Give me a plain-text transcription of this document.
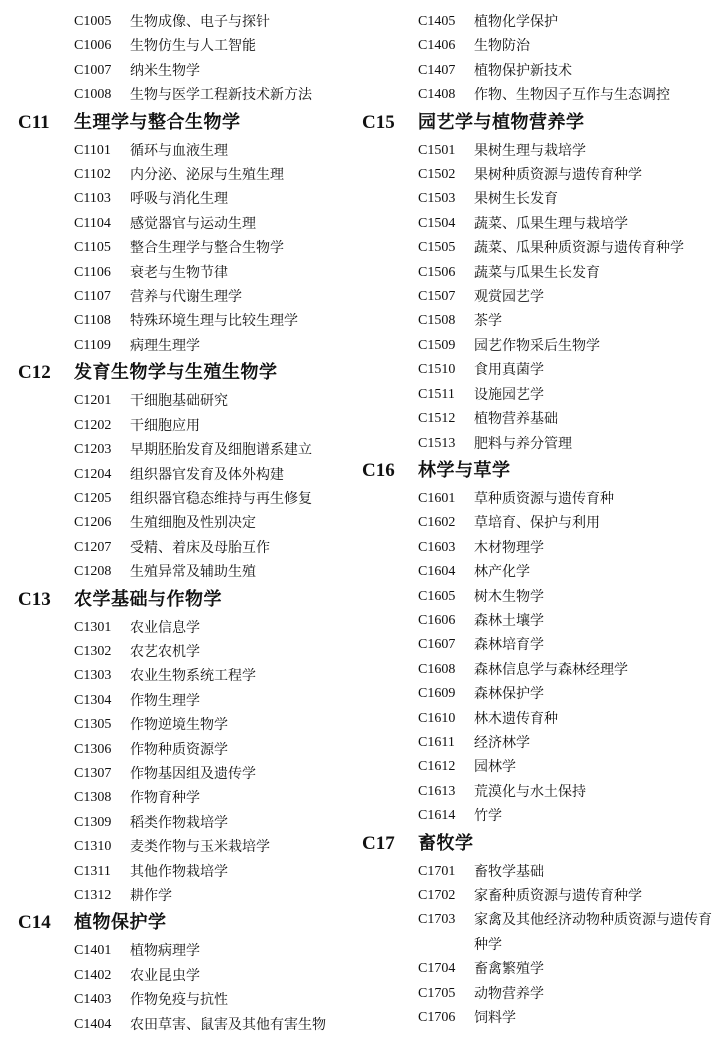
C1005	生物成像、电子与探针
C1006	生物仿生与人工智能
C1007	纳米生物学
C1008	生物与医学工程新技术新方法
C11	生理学与整合生物学
C1101	循环与血液生理
C1102	内分泌、泌尿与生殖生理
C1103	呼吸与消化生理
C1104	感觉器官与运动生理
C1105	整合生理学与整合生物学
C1106	衰老与生物节律
C1107	营养与代谢生理学
C1108	特殊环境生理与比较生理学
C1109	病理生理学
C12	发育生物学与生殖生物学
C1201	干细胞基础研究
C1202	干细胞应用
C1203	早期胚胎发育及细胞谱系建立
C1204	组织器官发育及体外构建
C1205	组织器官稳态维持与再生修复
C1206	生殖细胞及性别决定
C1207	受精、着床及母胎互作
C1208	生殖异常及辅助生殖
C13	农学基础与作物学
C1301	农业信息学
C1302	农艺农机学
C1303	农业生物系统工程学
C1304	作物生理学
C1305	作物逆境生物学
C1306	作物种质资源学
C1307	作物基因组及遗传学
C1308	作物育种学
C1309	稻类作物栽培学
C1310	麦类作物与玉米栽培学
C1311	其他作物栽培学
C1312	耕作学
C14	植物保护学
C1401	植物病理学
C1402	农业昆虫学
C1403	作物免疫与抗性
C1404	农田草害、鼠害及其他有害生物
C1405	植物化学保护
C1406	生物防治
C1407	植物保护新技术
C1408	作物、生物因子互作与生态调控
C15	园艺学与植物营养学
C1501	果树生理与栽培学
C1502	果树种质资源与遗传育种学
C1503	果树生长发育
C1504	蔬菜、瓜果生理与栽培学
C1505	蔬菜、瓜果种质资源与遗传育种学
C1506	蔬菜与瓜果生长发育
C1507	观赏园艺学
C1508	茶学
C1509	园艺作物采后生物学
C1510	食用真菌学
C1511	设施园艺学
C1512	植物营养基础
C1513	肥料与养分管理
C16	林学与草学
C1601	草种质资源与遗传育种
C1602	草培育、保护与利用
C1603	木材物理学
C1604	林产化学
C1605	树木生物学
C1606	森林土壤学
C1607	森林培育学
C1608	森林信息学与森林经理学
C1609	森林保护学
C1610	林木遗传育种
C1611	经济林学
C1612	园林学
C1613	荒漠化与水土保持
C1614	竹学
C17	畜牧学
C1701	畜牧学基础
C1702	家畜种质资源与遗传育种学
C1703	家禽及其他经济动物种质资源与遗传育种学
C1704	畜禽繁殖学
C1705	动物营养学
C1706	饲料学
